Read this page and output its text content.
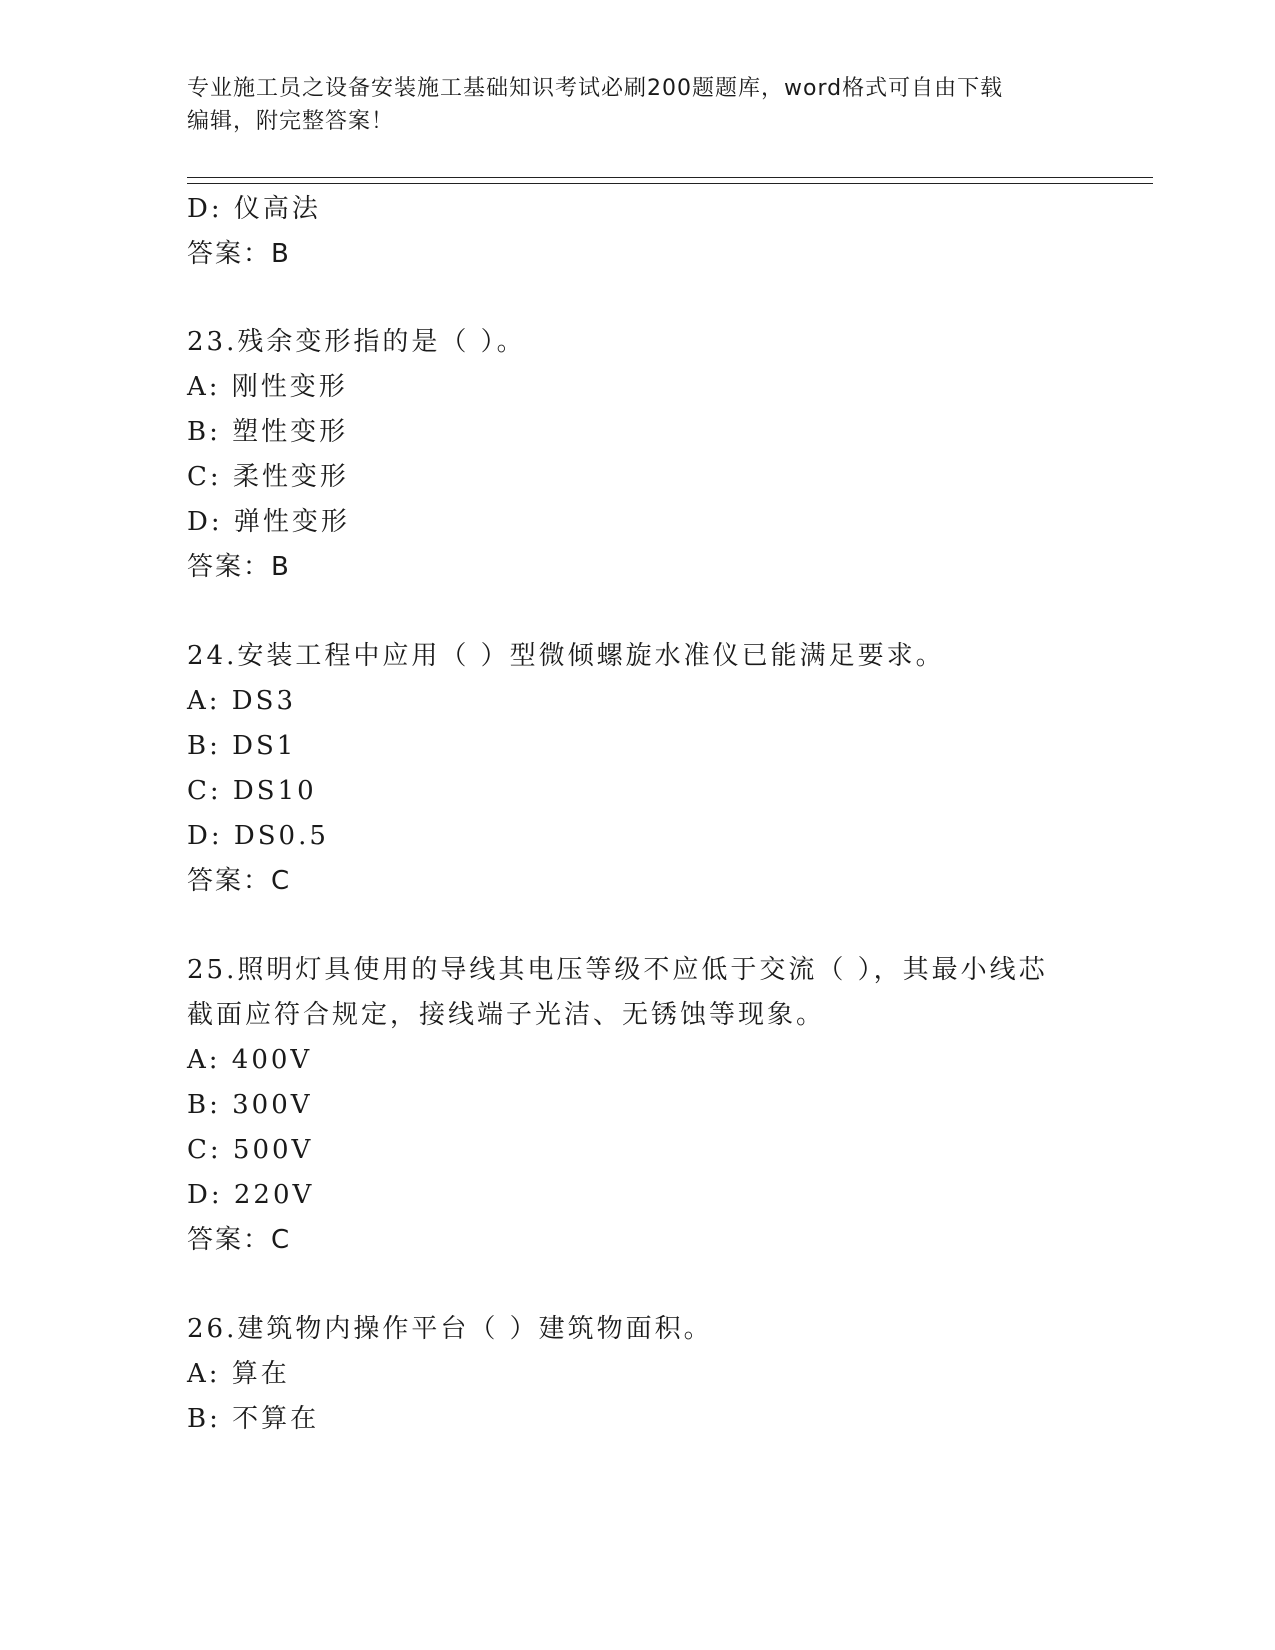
专业施工员之设备安装施工基础知识考试必刷200题题库，word格式可自由下载
编辑，附完整答案！
D: 仪高法
答案：B
23.残余变形指的是（ ）。
A: 刚性变形
B: 塑性变形
C: 柔性变形
D: 弹性变形
答案：B
24.安装工程中应用（ ）型微倾螺旋水准仪已能满足要求。
A: DS3
B: DS1
C: DS10
D: DS0.5
答案：C
25.照明灯具使用的导线其电压等级不应低于交流（ ），其最小线芯
截面应符合规定，接线端子光洁、无锈蚀等现象。
A: 400V
B: 300V
C: 500V
D: 220V
答案：C
26.建筑物内操作平台（ ）建筑物面积。
A: 算在
B: 不算在
